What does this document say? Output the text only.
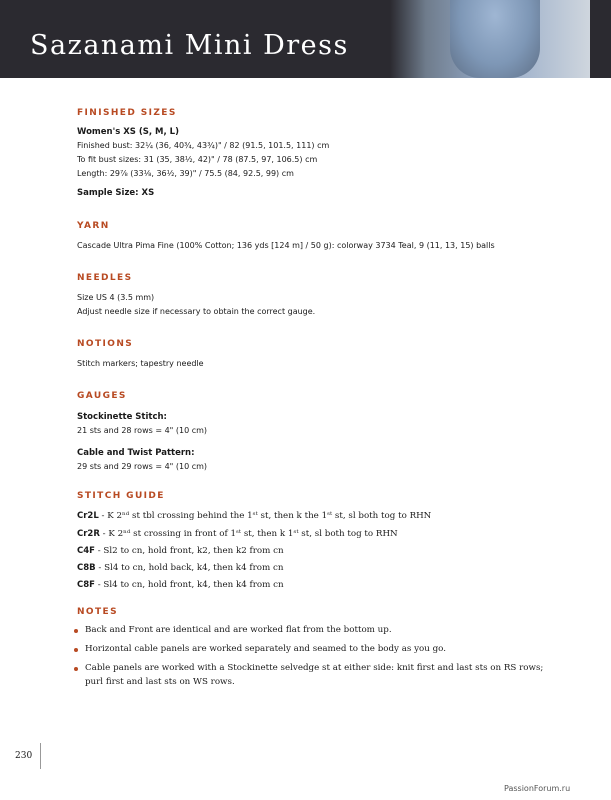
Sazanami Mini Dress
FINISHED SIZES
Women's XS (S, M, L)
Finished bust: 32¼ (36, 40¾, 43¾)" / 82 (91.5, 101.5, 111) cm
To fit bust sizes: 31 (35, 38½, 42)" / 78 (87.5, 97, 106.5) cm
Length: 29⅞ (33⅛, 36½, 39)" / 75.5 (84, 92.5, 99) cm
Sample Size: XS
YARN
Cascade Ultra Pima Fine (100% Cotton; 136 yds [124 m] / 50 g): colorway 3734 Teal, 9 (11, 13, 15) balls
NEEDLES
Size US 4 (3.5 mm)
Adjust needle size if necessary to obtain the correct gauge.
NOTIONS
Stitch markers; tapestry needle
GAUGES
Stockinette Stitch:
21 sts and 28 rows = 4" (10 cm)
Cable and Twist Pattern:
29 sts and 29 rows = 4" (10 cm)
STITCH GUIDE
Cr2L - K 2ⁿᵈ st tbl crossing behind the 1ˢᵗ st, then k the 1ˢᵗ st, sl both tog to RHN
Cr2R - K 2ⁿᵈ st crossing in front of 1ˢᵗ st, then k 1ˢᵗ st, sl both tog to RHN
C4F - Sl2 to cn, hold front, k2, then k2 from cn
C8B - Sl4 to cn, hold back, k4, then k4 from cn
C8F - Sl4 to cn, hold front, k4, then k4 from cn
NOTES
Back and Front are identical and are worked flat from the bottom up.
Horizontal cable panels are worked separately and seamed to the body as you go.
Cable panels are worked with a Stockinette selvedge st at either side: knit first and last sts on RS rows;
purl first and last sts on WS rows.
230
PassionForum.ru
